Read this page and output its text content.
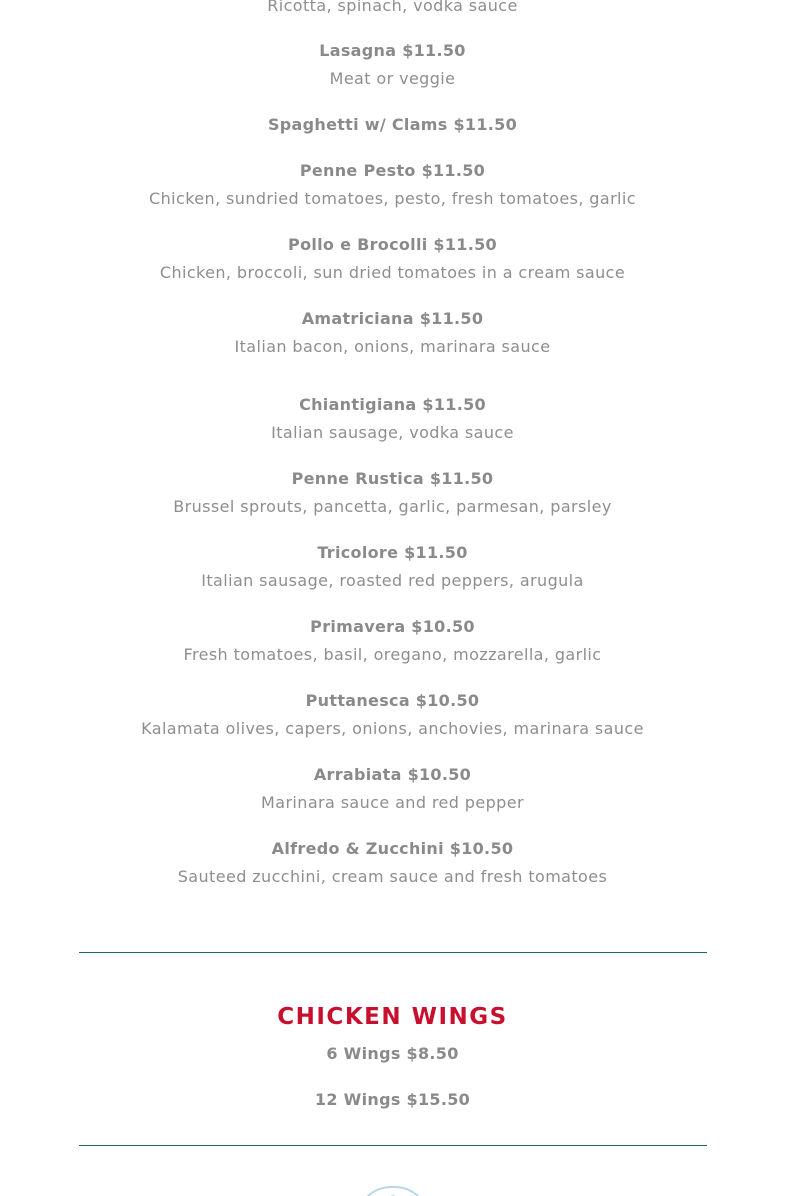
Ricotta, spinach, vodka sauce
Lasagna $11.50
Meat or veggie
Spaghetti w/ Clams $11.50
Penne Pesto $11.50
Chicken, sundried tomatoes, pesto, fresh tomatoes, garlic
Pollo e Brocolli $11.50
Chicken, broccoli, sun dried tomatoes in a cream sauce
Amatriciana $11.50
Italian bacon, onions, marinara sauce
Chiantigiana $11.50
Italian sausage, vodka sauce
Penne Rustica $11.50
Brussel sprouts, pancetta, garlic, parmesan, parsley
Tricolore $11.50
Italian sausage, roasted red peppers, arugula
Primavera $10.50
Fresh tomatoes, basil, oregano, mozzarella, garlic
Puttanesca $10.50
Kalamata olives, capers, onions, anchovies, marinara sauce
Arrabiata $10.50
Marinara sauce and red pepper
Alfredo & Zucchini $10.50
Sauteed zucchini, cream sauce and fresh tomatoes
CHICKEN WINGS
6 Wings $8.50
12 Wings $15.50
